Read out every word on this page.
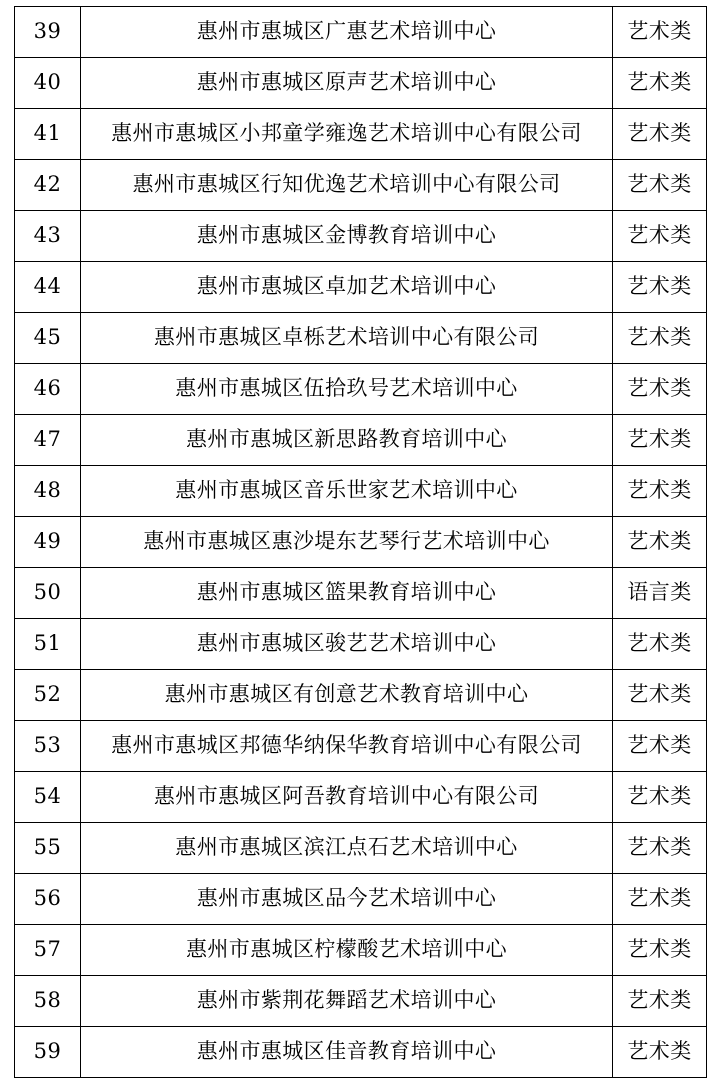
39	惠州市惠城区广惠艺术培训中心	艺术类
40	惠州市惠城区原声艺术培训中心	艺术类
41	惠州市惠城区小邦童学雍逸艺术培训中心有限公司	艺术类
42	惠州市惠城区行知优逸艺术培训中心有限公司	艺术类
43	惠州市惠城区金博教育培训中心	艺术类
44	惠州市惠城区卓加艺术培训中心	艺术类
45	惠州市惠城区卓栎艺术培训中心有限公司	艺术类
46	惠州市惠城区伍拾玖号艺术培训中心	艺术类
47	惠州市惠城区新思路教育培训中心	艺术类
48	惠州市惠城区音乐世家艺术培训中心	艺术类
49	惠州市惠城区惠沙堤东艺琴行艺术培训中心	艺术类
50	惠州市惠城区篮果教育培训中心	语言类
51	惠州市惠城区骏艺艺术培训中心	艺术类
52	惠州市惠城区有创意艺术教育培训中心	艺术类
53	惠州市惠城区邦德华纳保华教育培训中心有限公司	艺术类
54	惠州市惠城区阿吾教育培训中心有限公司	艺术类
55	惠州市惠城区滨江点石艺术培训中心	艺术类
56	惠州市惠城区品今艺术培训中心	艺术类
57	惠州市惠城区柠檬酸艺术培训中心	艺术类
58	惠州市紫荆花舞蹈艺术培训中心	艺术类
59	惠州市惠城区佳音教育培训中心	艺术类
